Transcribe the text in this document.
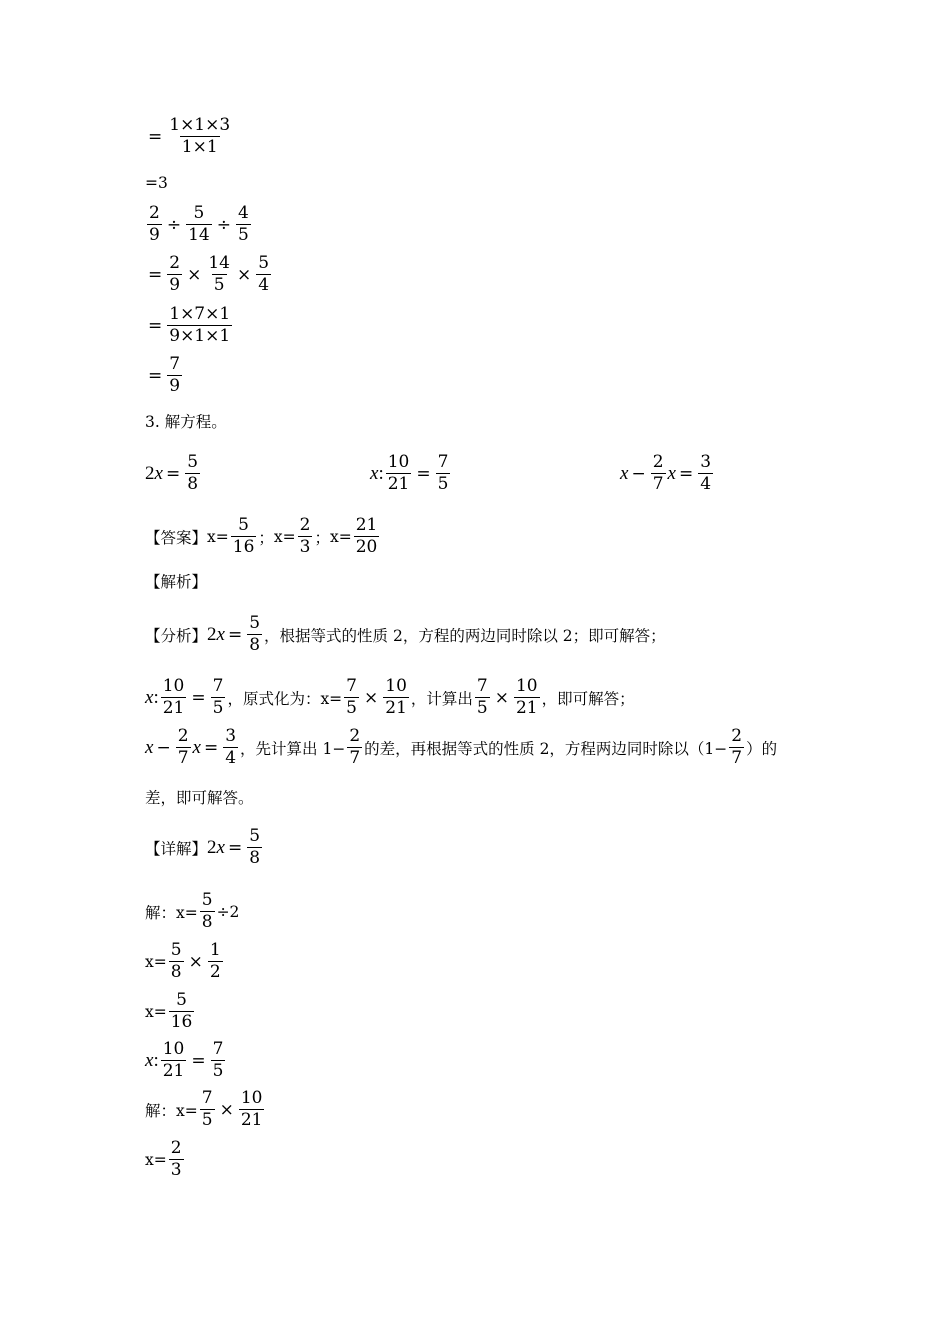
= $\frac{1\times 1\times 3}{1\times 1}$
=3
$\frac{2}{9} \div \frac{5}{14} \div \frac{4}{5}$
= $\frac{2}{9} \times \frac{14}{5} \times \frac{5}{4}$
= $\frac{1\times 7\times 1}{9\times 1\times 1}$
= $\frac{7}{9}$
3. 解方程。
2 $x = \frac{5}{8}$	x : $\frac{10}{21} = \frac{7}{5}$	$x - \frac{2}{7}$ $x = \frac{3}{4}$
【答案】 $x= \frac{5}{16}$ ； $x= \frac{2}{3}$ ； $x= \frac{21}{20}$
【解析】
【分析】 2 $x = \frac{5}{8}$ ，根据等式的性质 2，方程的两边同时除以 2；即可解答；
x : $\frac{10}{21} = \frac{7}{5}$ ，原式化为：$x= \frac{7}{5} \times \frac{10}{21}$ ，计算出 $\frac{7}{5} \times \frac{10}{21}$ ，即可解答；
$x - \frac{2}{7}$ $x = \frac{3}{4}$ ，先计算出 $1- \frac{2}{7}$ 的差，再根据等式的性质 2，方程两边同时除以（$1- \frac{2}{7}$ ）的
差，即可解答。
【详解】 2 $x = \frac{5}{8}$
解：$x= \frac{5}{8} \div 2$
$x= \frac{5}{8} \times \frac{1}{2}$
$x= \frac{5}{16}$
x : $\frac{10}{21} = \frac{7}{5}$
解：$x= \frac{7}{5} \times \frac{10}{21}$
$x= \frac{2}{3}$
